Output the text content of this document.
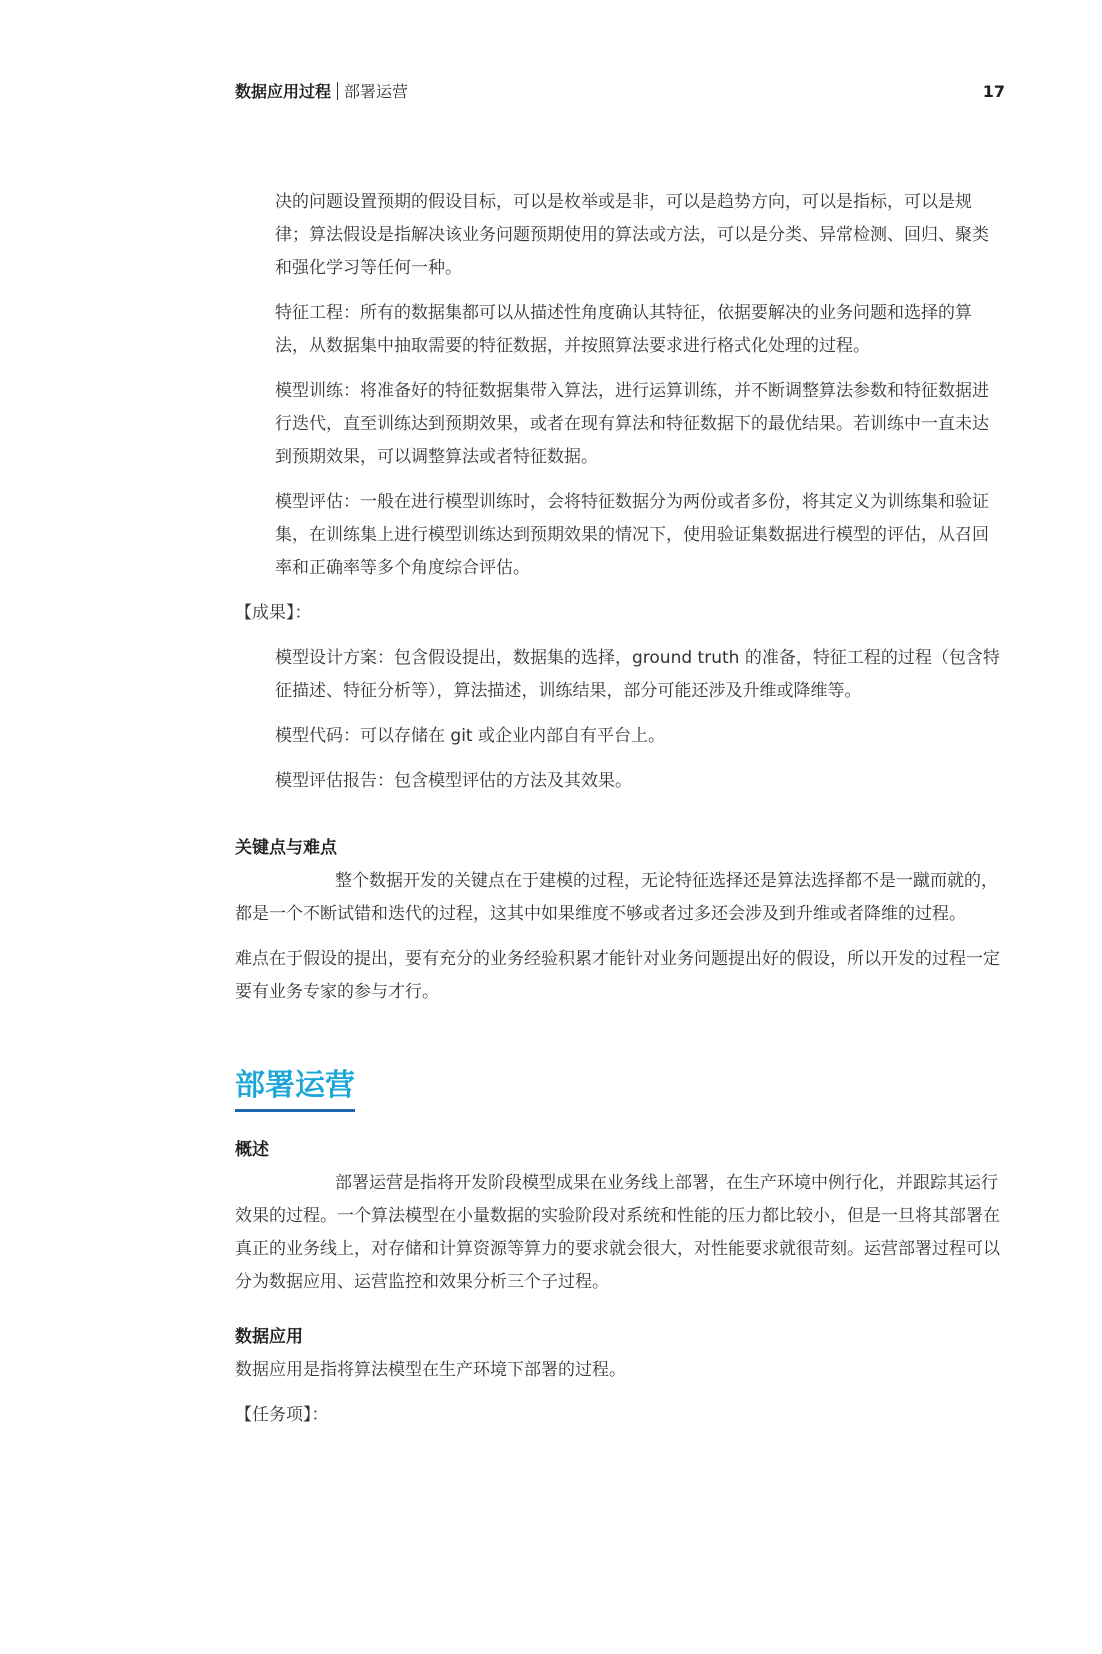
数据应用过程 部署运营	17

决的问题设置预期的假设目标，可以是枚举或是非，可以是趋势方向，可以是指标，可以是规律；算法假设是指解决该业务问题预期使用的算法或方法，可以是分类、异常检测、回归、聚类和强化学习等任何一种。

特征工程：所有的数据集都可以从描述性角度确认其特征，依据要解决的业务问题和选择的算法，从数据集中抽取需要的特征数据，并按照算法要求进行格式化处理的过程。

模型训练：将准备好的特征数据集带入算法，进行运算训练，并不断调整算法参数和特征数据进行迭代，直至训练达到预期效果，或者在现有算法和特征数据下的最优结果。若训练中一直未达到预期效果，可以调整算法或者特征数据。

模型评估：一般在进行模型训练时，会将特征数据分为两份或者多份，将其定义为训练集和验证集，在训练集上进行模型训练达到预期效果的情况下，使用验证集数据进行模型的评估，从召回率和正确率等多个角度综合评估。

【成果】：

模型设计方案：包含假设提出，数据集的选择，ground truth 的准备，特征工程的过程（包含特征描述、特征分析等），算法描述，训练结果，部分可能还涉及升维或降维等。

模型代码：可以存储在 git 或企业内部自有平台上。

模型评估报告：包含模型评估的方法及其效果。

关键点与难点

整个数据开发的关键点在于建模的过程，无论特征选择还是算法选择都不是一蹴而就的，都是一个不断试错和迭代的过程，这其中如果维度不够或者过多还会涉及到升维或者降维的过程。

难点在于假设的提出，要有充分的业务经验积累才能针对业务问题提出好的假设，所以开发的过程一定要有业务专家的参与才行。

部署运营
概述

部署运营是指将开发阶段模型成果在业务线上部署，在生产环境中例行化，并跟踪其运行效果的过程。一个算法模型在小量数据的实验阶段对系统和性能的压力都比较小，但是一旦将其部署在真正的业务线上，对存储和计算资源等算力的要求就会很大，对性能要求就很苛刻。运营部署过程可以分为数据应用、运营监控和效果分析三个子过程。

数据应用

数据应用是指将算法模型在生产环境下部署的过程。

【任务项】：
